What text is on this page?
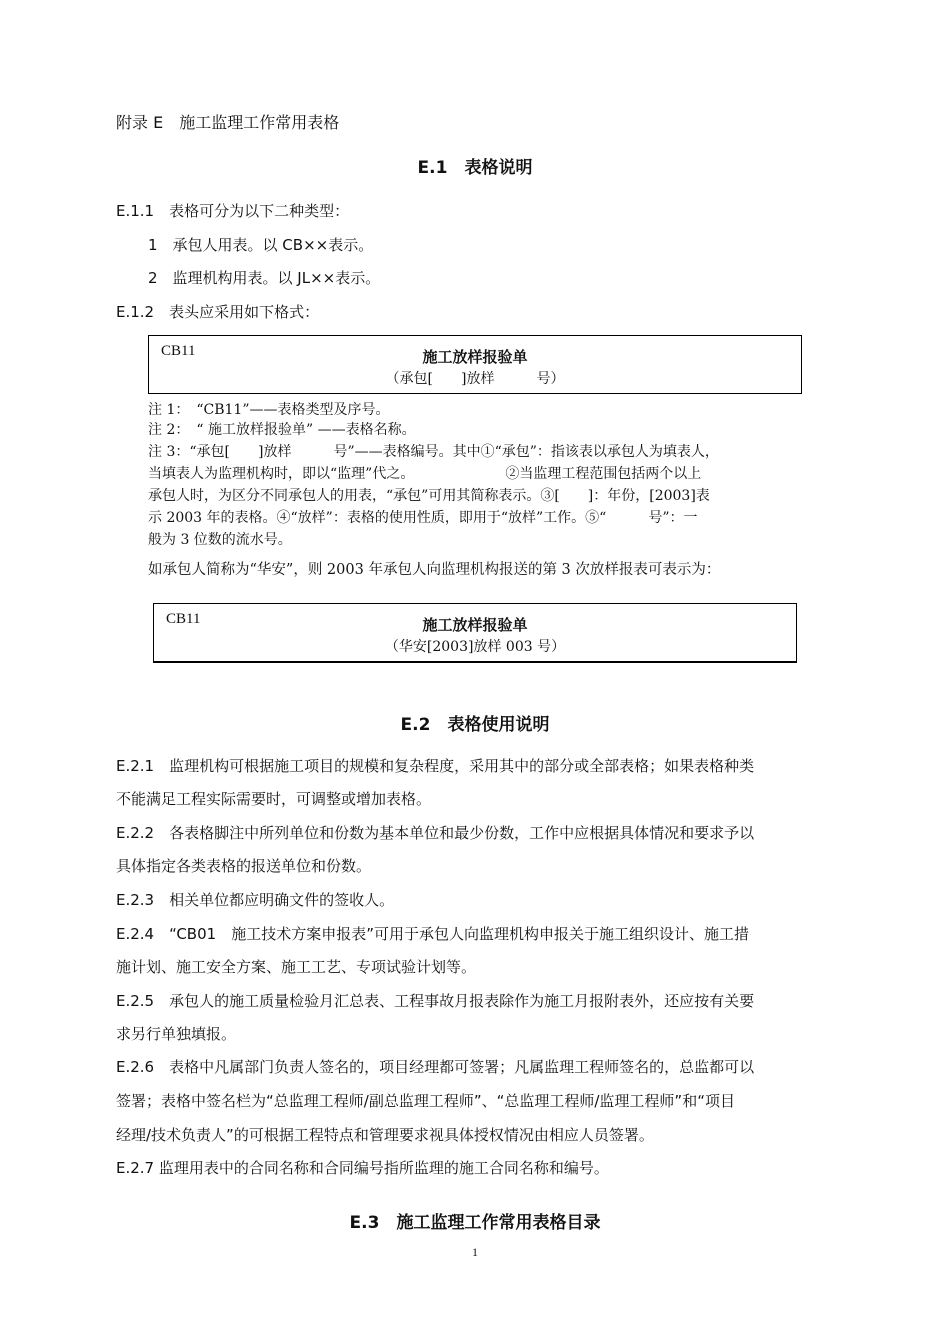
附录 E　施工监理工作常用表格
E.1　表格说明
E.1.1　表格可分为以下二种类型：
1　承包人用表。以 CB××表示。
2　监理机构用表。以 JL××表示。
E.1.2　表头应采用如下格式：
CB11	施工放样报验单
（承包[　　]放样　　　号）
注 1：　“CB11”——表格类型及序号。
注 2：　“ 施工放样报验单” ——表格名称。
注 3：“承包[　　]放样　　　号”——表格编号。其中①“承包”：指该表以承包人为填表人，
当填表人为监理机构时，即以“监理”代之。　　　　　　　②当监理工程范围包括两个以上
承包人时，为区分不同承包人的用表，“承包”可用其简称表示。③[　　]：年份，[2003]表
示 2003 年的表格。④“放样”：表格的使用性质，即用于“放样”工作。⑤“　　　号”：一
般为 3 位数的流水号。
如承包人简称为“华安”，则 2003 年承包人向监理机构报送的第 3 次放样报表可表示为：
CB11	施工放样报验单
（华安[2003]放样 003 号）
E.2　表格使用说明
E.2.1　监理机构可根据施工项目的规模和复杂程度，采用其中的部分或全部表格；如果表格种类
不能满足工程实际需要时，可调整或增加表格。
E.2.2　各表格脚注中所列单位和份数为基本单位和最少份数，工作中应根据具体情况和要求予以
具体指定各类表格的报送单位和份数。
E.2.3　相关单位都应明确文件的签收人。
E.2.4　“CB01　施工技术方案申报表”可用于承包人向监理机构申报关于施工组织设计、施工措
施计划、施工安全方案、施工工艺、专项试验计划等。
E.2.5　承包人的施工质量检验月汇总表、工程事故月报表除作为施工月报附表外，还应按有关要
求另行单独填报。
E.2.6　表格中凡属部门负责人签名的，项目经理都可签署；凡属监理工程师签名的，总监都可以
签署；表格中签名栏为“总监理工程师/副总监理工程师”、“总监理工程师/监理工程师”和“项目
经理/技术负责人”的可根据工程特点和管理要求视具体授权情况由相应人员签署。
E.2.7 监理用表中的合同名称和合同编号指所监理的施工合同名称和编号。
E.3　施工监理工作常用表格目录
1
